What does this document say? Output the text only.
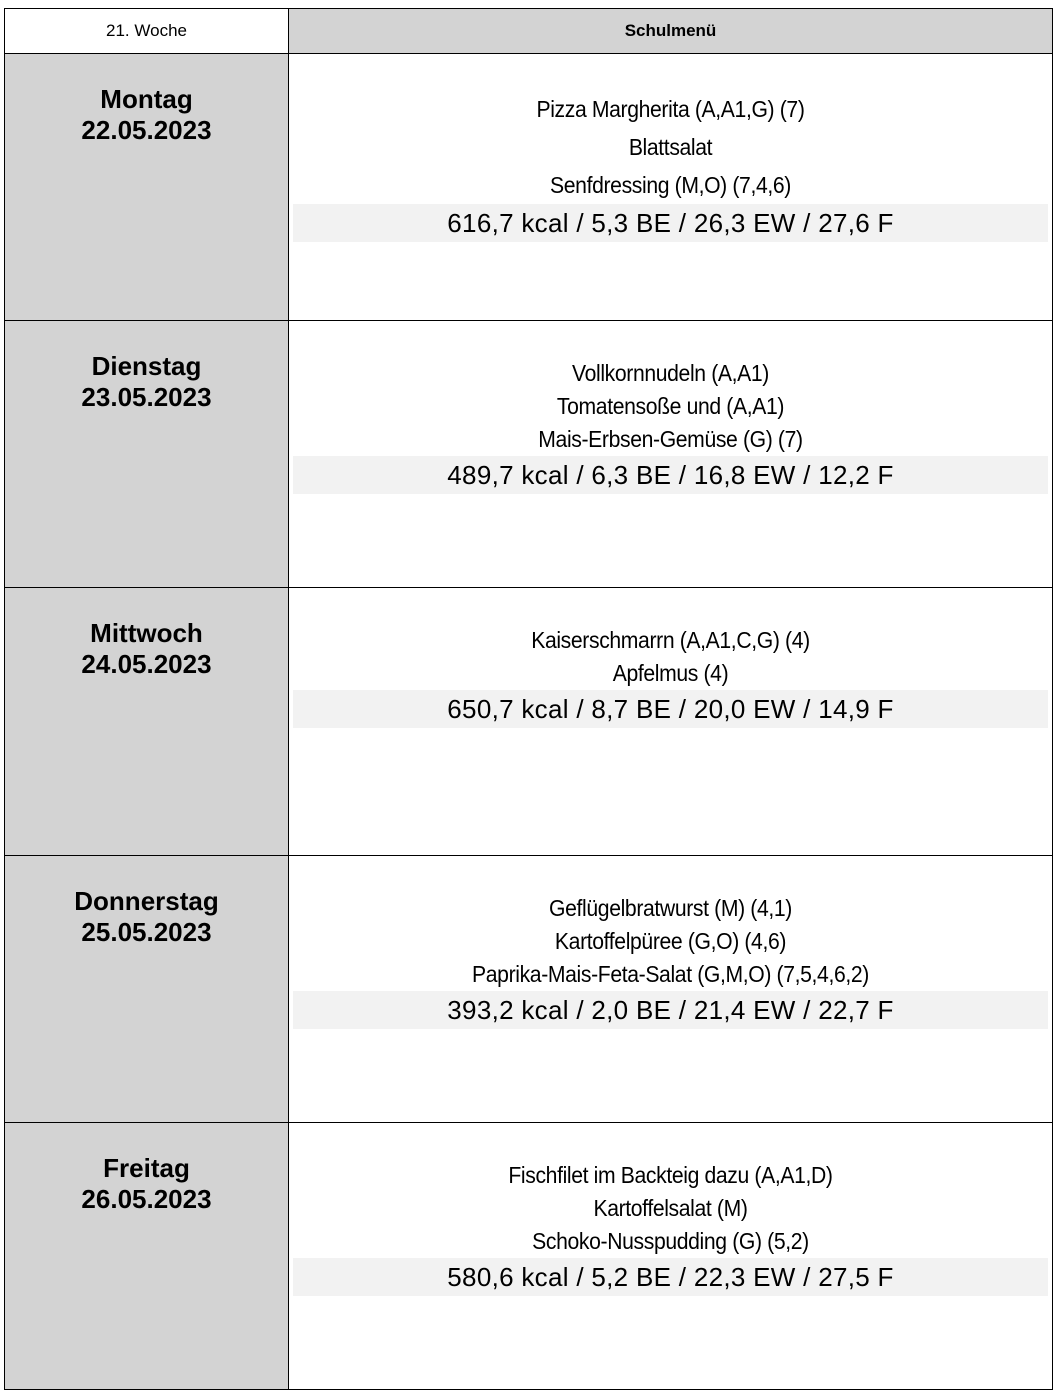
21. Woche	Schulmenü

Montag
22.05.2023	Pizza Margherita (A,A1,G) (7)
Blattsalat
Senfdressing (M,O) (7,4,6)
616,7 kcal / 5,3 BE / 26,3 EW / 27,6 F

Dienstag
23.05.2023	Vollkornnudeln (A,A1)
Tomatensoße und (A,A1)
Mais-Erbsen-Gemüse (G) (7)
489,7 kcal / 6,3 BE / 16,8 EW / 12,2 F

Mittwoch
24.05.2023	Kaiserschmarrn (A,A1,C,G) (4)
Apfelmus (4)
650,7 kcal / 8,7 BE / 20,0 EW / 14,9 F

Donnerstag
25.05.2023	Geflügelbratwurst (M) (4,1)
Kartoffelpüree (G,O) (4,6)
Paprika-Mais-Feta-Salat (G,M,O) (7,5,4,6,2)
393,2 kcal / 2,0 BE / 21,4 EW / 22,7 F

Freitag
26.05.2023	Fischfilet im Backteig dazu (A,A1,D)
Kartoffelsalat (M)
Schoko-Nusspudding (G) (5,2)
580,6 kcal / 5,2 BE / 22,3 EW / 27,5 F
